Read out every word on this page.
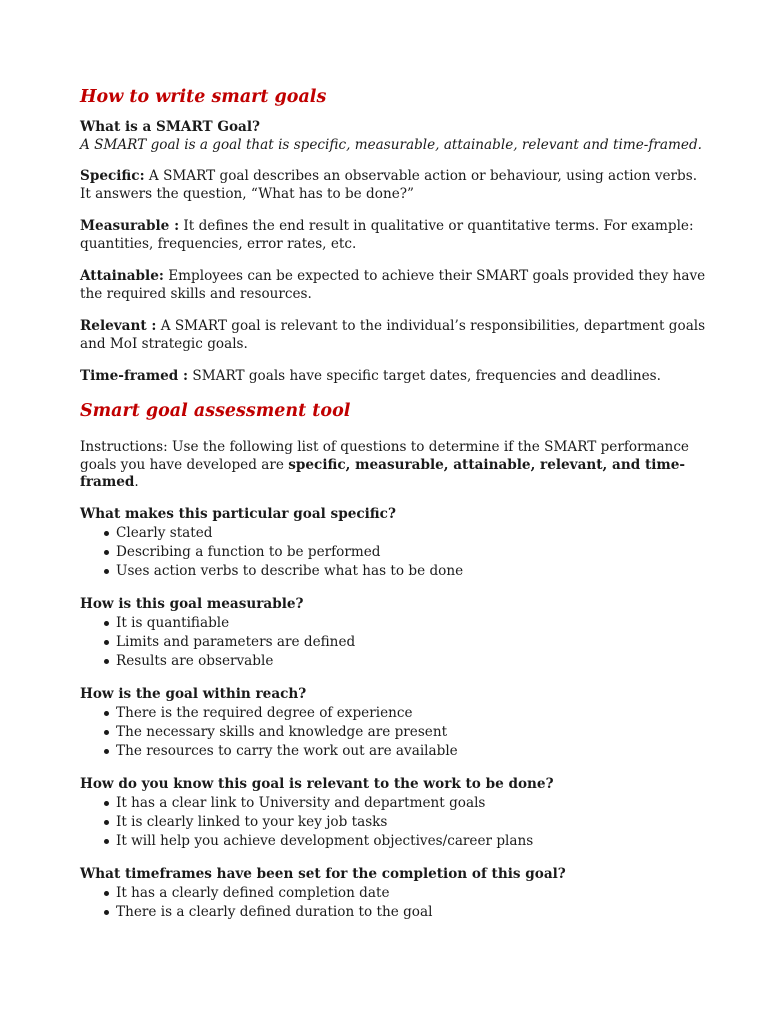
How to write smart goals

What is a SMART Goal?

A SMART goal is a goal that is specific, measurable, attainable, relevant and time-framed.

Specific: A SMART goal describes an observable action or behaviour, using action verbs. It answers the question, “What has to be done?”

Measurable : It defines the end result in qualitative or quantitative terms. For example: quantities, frequencies, error rates, etc.

Attainable: Employees can be expected to achieve their SMART goals provided they have the required skills and resources.

Relevant : A SMART goal is relevant to the individual’s responsibilities, department goals and MoI strategic goals.

Time-framed : SMART goals have specific target dates, frequencies and deadlines.

Smart goal assessment tool

Instructions: Use the following list of questions to determine if the SMART performance goals you have developed are specific, measurable, attainable, relevant, and time-framed.

What makes this particular goal specific?

Clearly stated
Describing a function to be performed
Uses action verbs to describe what has to be done

How is this goal measurable?

It is quantifiable
Limits and parameters are defined
Results are observable

How is the goal within reach?

There is the required degree of experience
The necessary skills and knowledge are present
The resources to carry the work out are available

How do you know this goal is relevant to the work to be done?

It has a clear link to University and department goals
It is clearly linked to your key job tasks
It will help you achieve development objectives/career plans

What timeframes have been set for the completion of this goal?

It has a clearly defined completion date
There is a clearly defined duration to the goal
